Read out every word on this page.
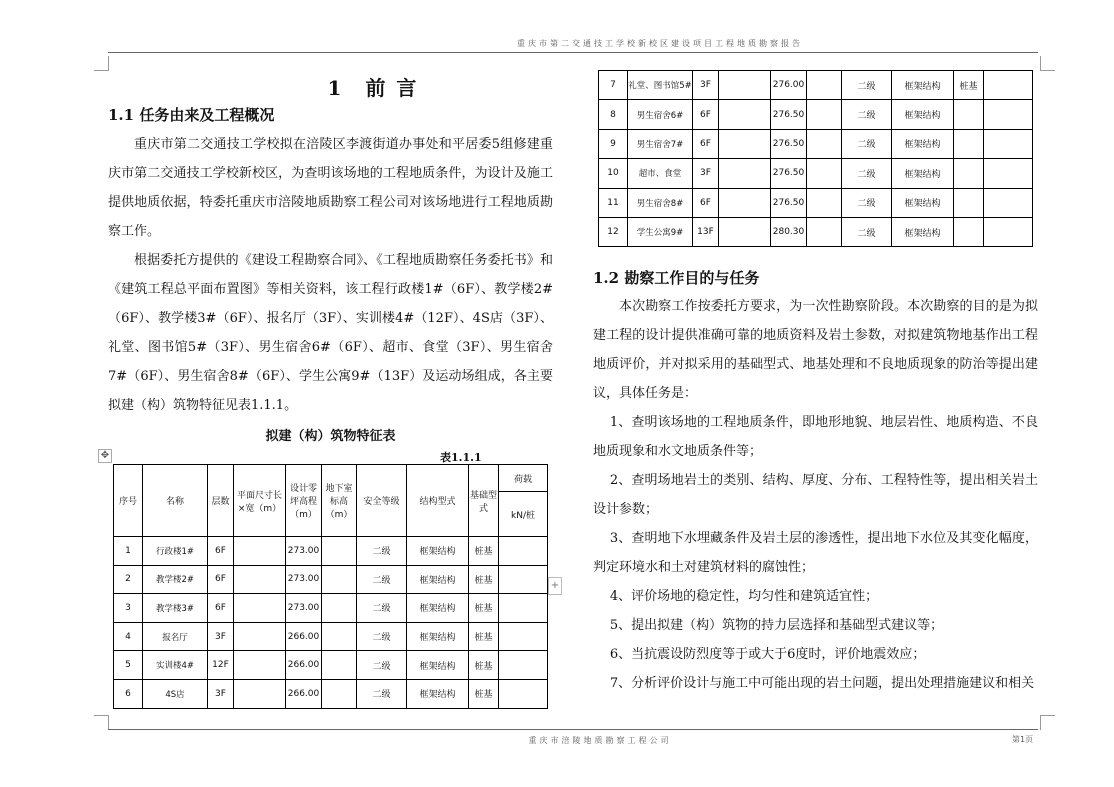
重庆市第二交通技工学校新校区建设项目工程地质勘察报告
重庆市涪陵地质勘察工程公司	第1页
1　前 言
1.1 任务由来及工程概况
重庆市第二交通技工学校拟在涪陵区李渡街道办事处和平居委5组修建重庆市第二交通技工学校新校区，为查明该场地的工程地质条件，为设计及施工提供地质依据，特委托重庆市涪陵地质勘察工程公司对该场地进行工程地质勘察工作。
根据委托方提供的《建设工程勘察合同》、《工程地质勘察任务委托书》和《建筑工程总平面布置图》等相关资料，该工程行政楼1#（6F）、教学楼2#（6F）、教学楼3#（6F）、报名厅（3F）、实训楼4#（12F）、4S店（3F）、礼堂、图书馆5#（3F）、男生宿舍6#（6F）、超市、食堂（3F）、男生宿舍7#（6F）、男生宿舍8#（6F）、学生公寓9#（13F）及运动场组成，各主要拟建（构）筑物特征见表1.1.1。
拟建（构）筑物特征表
表1.1.1
✥
+
序号	名称	层数	平面尺寸长×宽（m）	设计零坪高程（m）	地下室标高（m）	安全等级	结构型式	基础型式	荷载
									kN/桩
1	行政楼1#	6F		273.00		二级	框架结构	桩基	
2	教学楼2#	6F		273.00		二级	框架结构	桩基	
3	教学楼3#	6F		273.00		二级	框架结构	桩基	
4	报名厅	3F		266.00		二级	框架结构	桩基	
5	实训楼4#	12F		266.00		二级	框架结构	桩基	
6	4S店	3F		266.00		二级	框架结构	桩基	
7	礼堂、图书馆5#	3F		276.00		二级	框架结构	桩基	
8	男生宿舍6#	6F		276.50		二级	框架结构		
9	男生宿舍7#	6F		276.50		二级	框架结构		
10	超市、食堂	3F		276.50		二级	框架结构		
11	男生宿舍8#	6F		276.50		二级	框架结构		
12	学生公寓9#	13F		280.30		二级	框架结构		
1.2 勘察工作目的与任务
本次勘察工作按委托方要求，为一次性勘察阶段。本次勘察的目的是为拟建工程的设计提供准确可靠的地质资料及岩土参数，对拟建筑物地基作出工程地质评价，并对拟采用的基础型式、地基处理和不良地质现象的防治等提出建议，具体任务是：
1、查明该场地的工程地质条件，即地形地貌、地层岩性、地质构造、不良地质现象和水文地质条件等；
2、查明场地岩土的类别、结构、厚度、分布、工程特性等，提出相关岩土设计参数；
3、查明地下水埋藏条件及岩土层的渗透性，提出地下水位及其变化幅度，判定环境水和土对建筑材料的腐蚀性；
4、评价场地的稳定性，均匀性和建筑适宜性；
5、提出拟建（构）筑物的持力层选择和基础型式建议等；
6、当抗震设防烈度等于或大于6度时，评价地震效应；
7、分析评价设计与施工中可能出现的岩土问题，提出处理措施建议和相关
